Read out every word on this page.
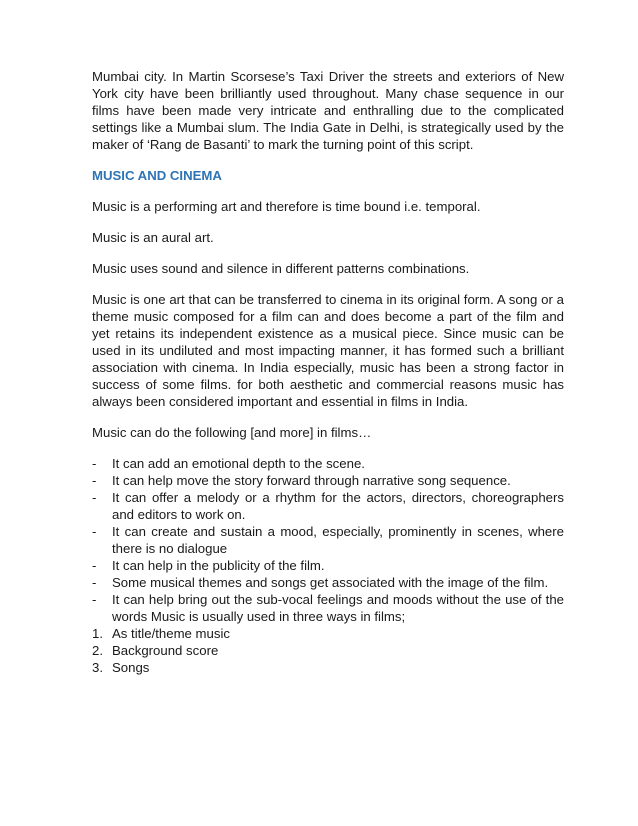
Mumbai city. In Martin Scorsese’s Taxi Driver the streets and exteriors of New York city have been brilliantly used throughout. Many chase sequence in our films have been made very intricate and enthralling due to the complicated settings like a Mumbai slum. The India Gate in Delhi, is strategically used by the maker of ‘Rang de Basanti’ to mark the turning point of this script.

MUSIC AND CINEMA

Music is a performing art and therefore is time bound i.e. temporal.

Music is an aural art.

Music uses sound and silence in different patterns combinations.

Music is one art that can be transferred to cinema in its original form. A song or a theme music composed for a film can and does become a part of the film and yet retains its independent existence as a musical piece. Since music can be used in its undiluted and most impacting manner, it has formed such a brilliant association with cinema. In India especially, music has been a strong factor in success of some films. for both aesthetic and commercial reasons music has always been considered important and essential in films in India.

Music can do the following [and more] in films…

-	It can add an emotional depth to the scene.
-	It can help move the story forward through narrative song sequence.
-	It can offer a melody or a rhythm for the actors, directors, choreographers and editors to work on.
-	It can create and sustain a mood, especially, prominently in scenes, where there is no dialogue
-	It can help in the publicity of the film.
-	Some musical themes and songs get associated with the image of the film.
-	It can help bring out the sub-vocal feelings and moods without the use of the words Music is usually used in three ways in films;
1. As title/theme music
2. Background score
3. Songs
